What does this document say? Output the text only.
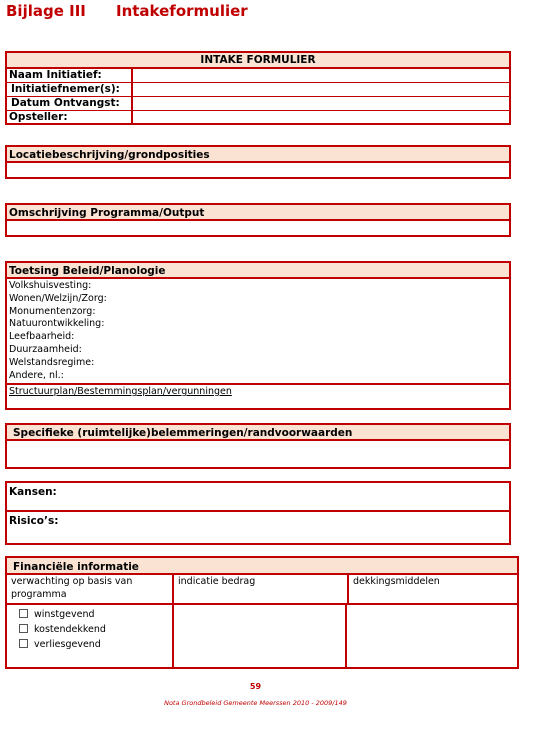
Bijlage III Intakeformulier
INTAKE FORMULIER
Naam Initiatief:
Initiatiefnemer(s):
Datum Ontvangst:
Opsteller:
Locatiebeschrijving/grondposities
Omschrijving Programma/Output
Toetsing Beleid/Planologie
Volkshuisvesting:
Wonen/Welzijn/Zorg:
Monumentenzorg:
Natuurontwikkeling:
Leefbaarheid:
Duurzaamheid:
Welstandsregime:
Andere, nl.:
Structuurplan/Bestemmingsplan/vergunningen
Specifieke (ruimtelijke)belemmeringen/randvoorwaarden
Kansen:
Risico’s:
Financiële informatie
verwachting op basis van programma
indicatie bedrag	dekkingsmiddelen
winstgevend
kostendekkend
verliesgevend
59
Nota Grondbeleid Gemeente Meerssen 2010 - 2009/149
